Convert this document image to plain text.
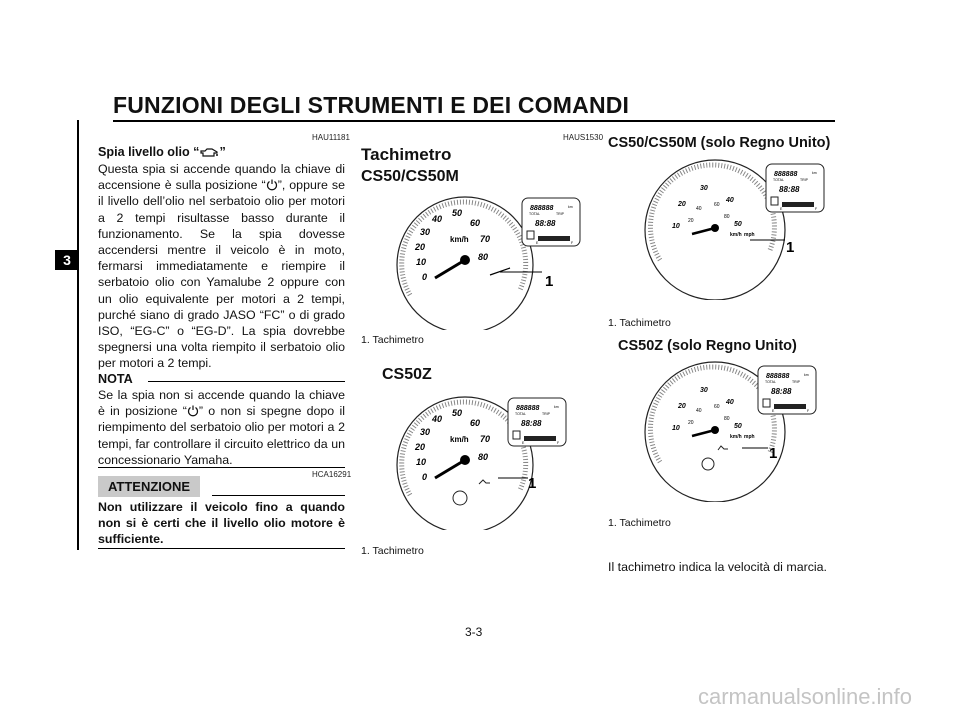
FUNZIONI DEGLI STRUMENTI E DEI COMANDI
3
HAU11181
Spia livello olio “ ”

Questa spia si accende quando la chiave di accensione è sulla posizione “ ”, oppure se il livello dell’olio nel serbatoio olio per motori a 2 tempi risultasse basso durante il funzionamento. Se la spia dovesse accendersi mentre il veicolo è in moto, fermarsi immediatamente e riempire il serbatoio olio con Yamalube 2 oppure con un olio equivalente per motori a 2 tempi, purché siano di grado JASO “FC” o di grado ISO, “EG-C” o “EG-D”. La spia dovrebbe spegnersi una volta riempito il serbatoio olio per motori a 2 tempi.

NOTA

Se la spia non si accende quando la chiave è in posizione “ ” o non si spegne dopo il riempimento del serbatoio olio per motori a 2 tempi, far controllare il circuito elettrico da un concessionario Yamaha.

HCA16291
ATTENZIONE

Non utilizzare il veicolo fino a quando non si è certi che il livello olio motore è sufficiente.

HAUS1530
Tachimetro
CS50/CS50M
0
10
20
30
40
50
60
70
80
km/h
888888	km
TOTAL	TRIP
88:88
E	F
1
1. Tachimetro
CS50Z
0
10
20
30
40
50
60
70
80
km/h
888888	km
TOTAL	TRIP
88:88
E	F
1
1. Tachimetro
CS50/CS50M (solo Regno Unito)
10
20
30
40
50
20
40
60
80
km/h mph
888888	km
TOTAL	TRIP
88:88
E	F
1
1. Tachimetro
CS50Z (solo Regno Unito)
10
20
30
40
50
20
40
60
80
km/h mph
888888	km
TOTAL	TRIP
88:88
E	F
1
1. Tachimetro
Il tachimetro indica la velocità di marcia.
3-3
carmanualsonline.info
